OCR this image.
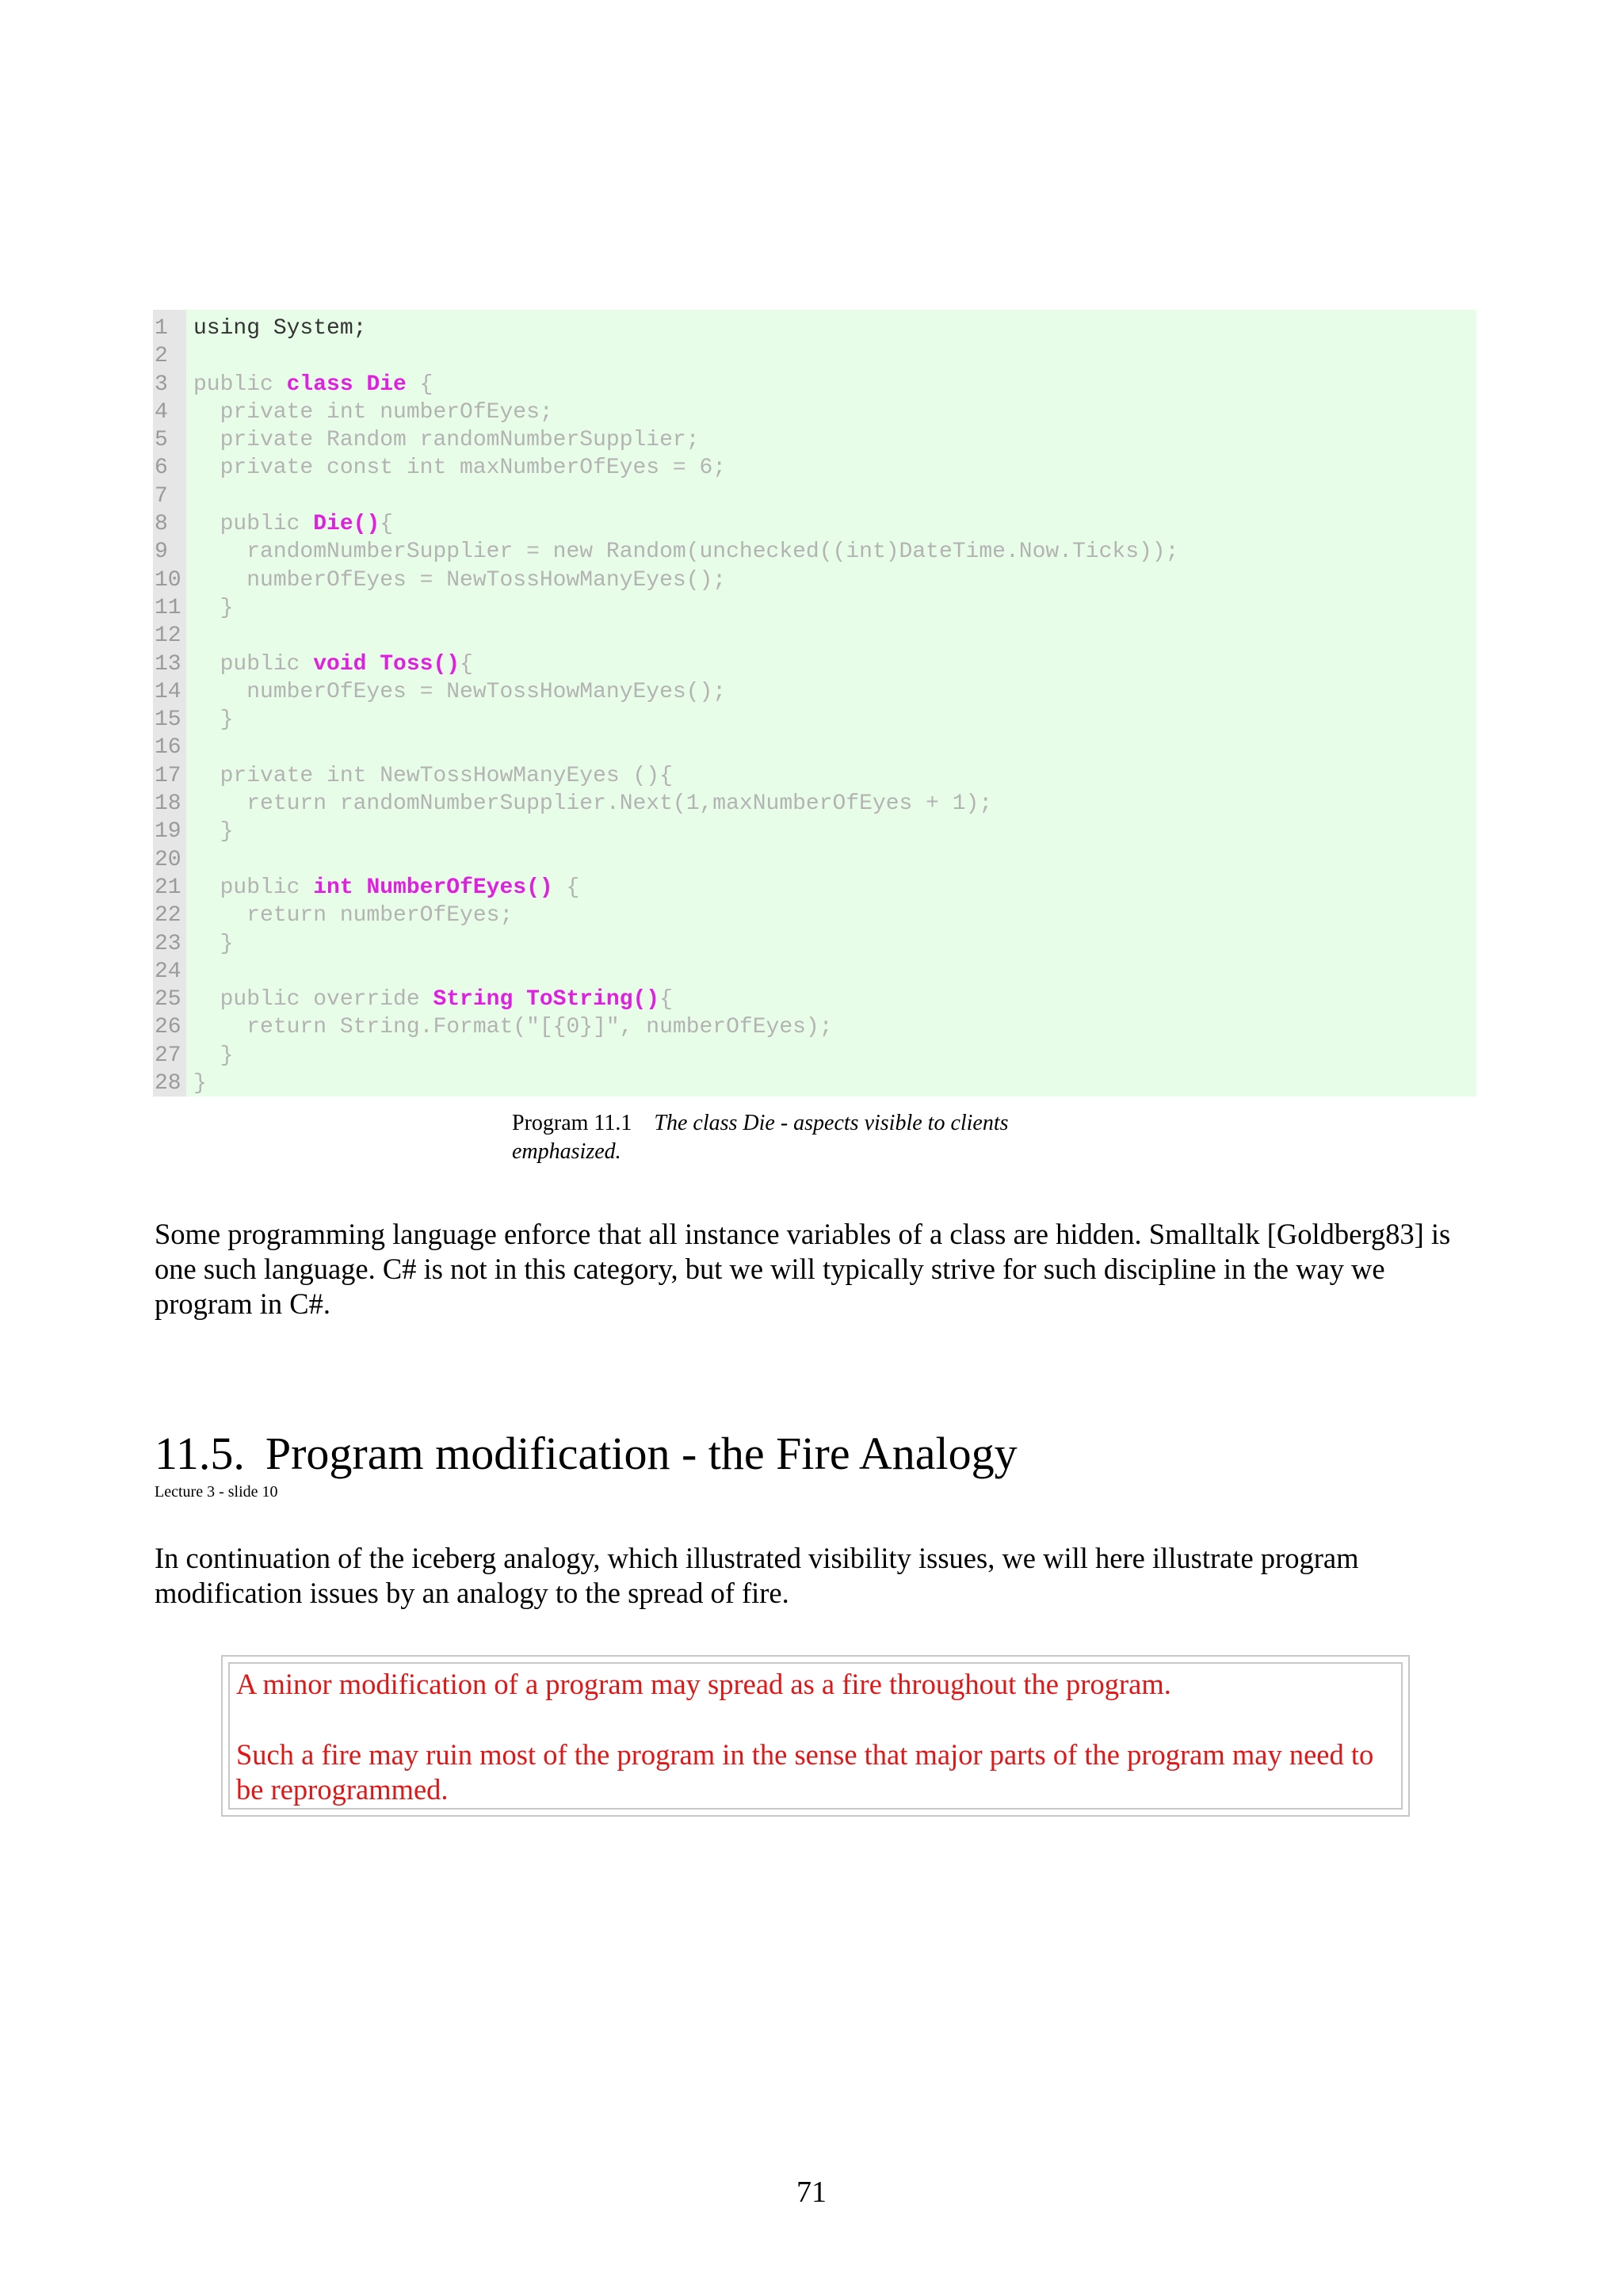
1	using System;
2
3	public class Die {
4	private int numberOfEyes;
5	private Random randomNumberSupplier;
6	private const int maxNumberOfEyes = 6;
7
8	public Die(){
9	randomNumberSupplier = new Random(unchecked((int)DateTime.Now.Ticks));
10 numberOfEyes = NewTossHowManyEyes();
11 }
12
13 public void Toss(){
14 numberOfEyes = NewTossHowManyEyes();
15 }
16
17 private int NewTossHowManyEyes (){
18 return randomNumberSupplier.Next(1,maxNumberOfEyes + 1);
19 }
20
21 public int NumberOfEyes() {
22 return numberOfEyes;
23 }
24
25 public override String ToString(){
26 return String.Format("[{0}]", numberOfEyes);
27 }
28 }
Program 11.1 The class Die - aspects visible to clients emphasized.

Some programming language enforce that all instance variables of a class are hidden. Smalltalk [Goldberg83] is one such language. C# is not in this category, but we will typically strive for such discipline in the way we program in C#.

11.5. Program modification - the Fire Analogy
Lecture 3 - slide 10

In continuation of the iceberg analogy, which illustrated visibility issues, we will here illustrate program modification issues by an analogy to the spread of fire.

A minor modification of a program may spread as a fire throughout the program.

Such a fire may ruin most of the program in the sense that major parts of the program may need to be reprogrammed.

71
